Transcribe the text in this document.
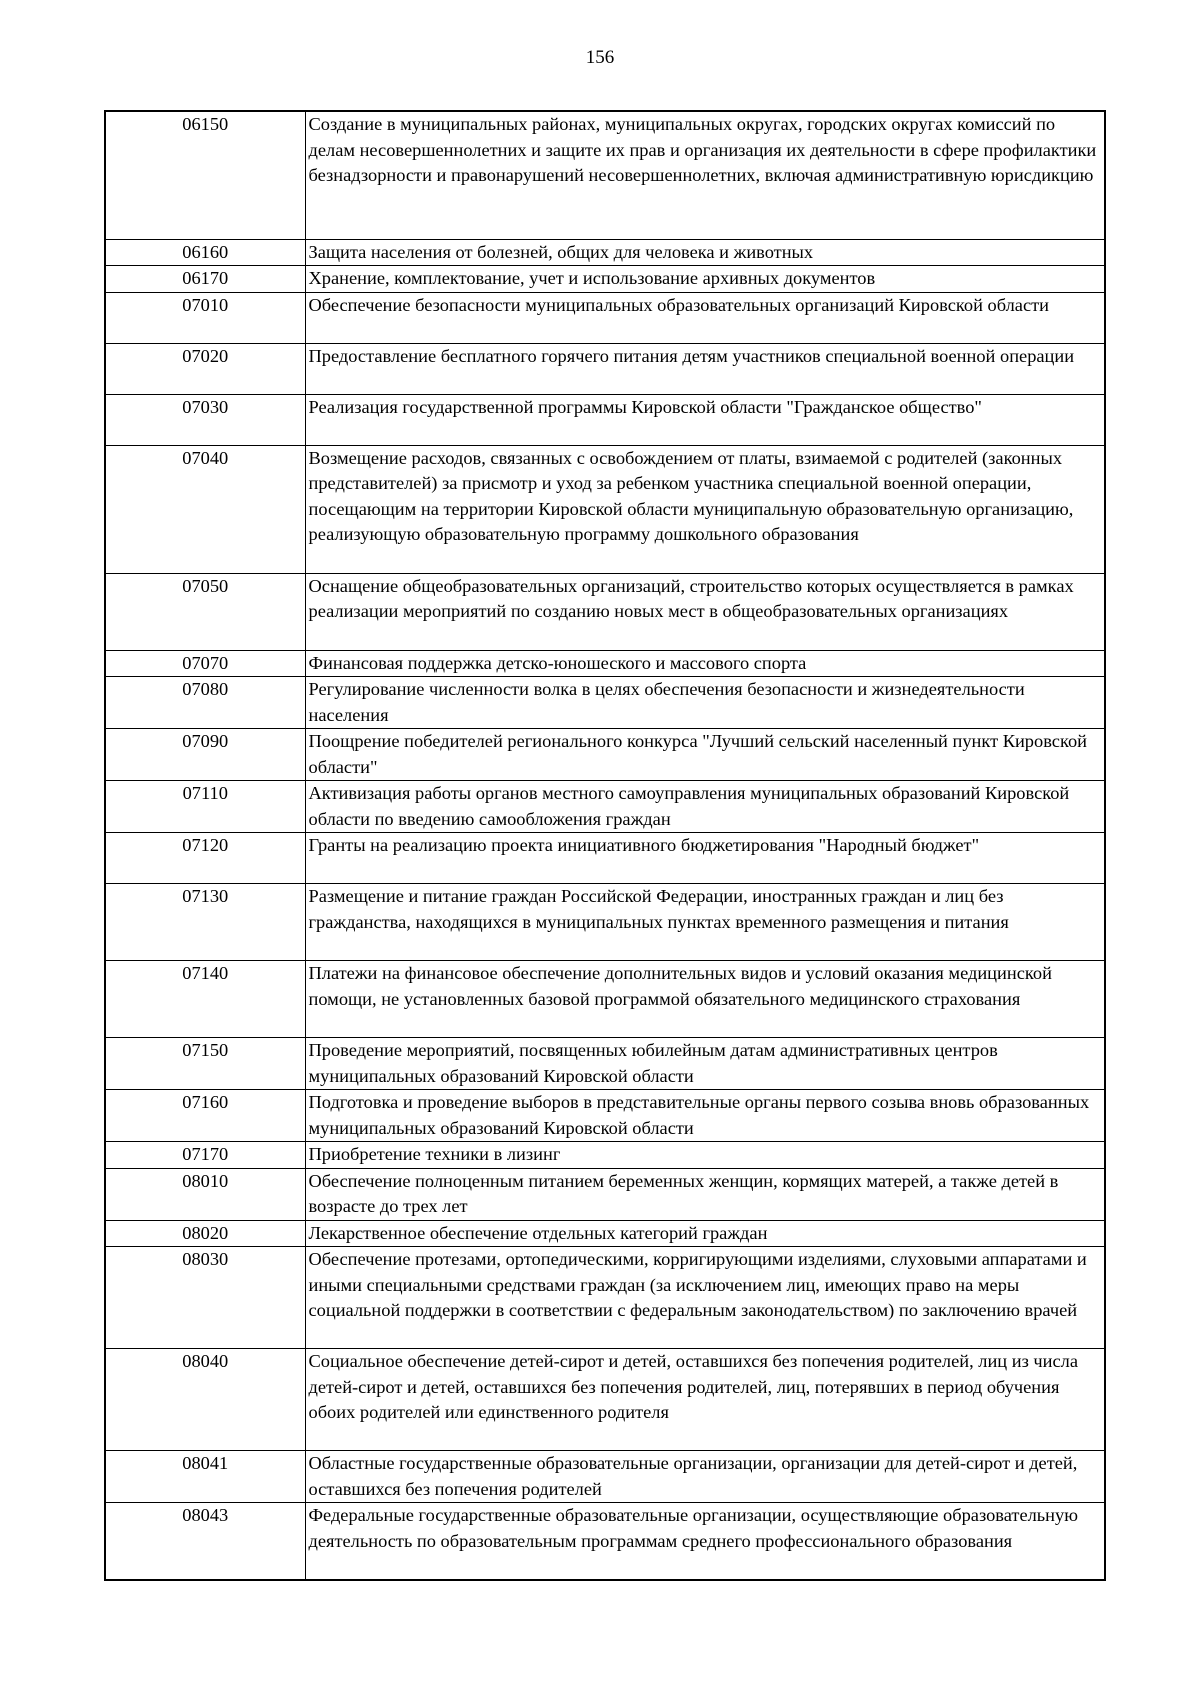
156
06150	Создание в муниципальных районах, муниципальных округах, городских округах комиссий по делам несовершеннолетних и защите их прав и организация их деятельности в сфере профилактики безнадзорности и правонарушений несовершеннолетних, включая административную юрисдикцию
06160	Защита населения от болезней, общих для человека и животных
06170	Хранение, комплектование, учет и использование архивных документов
07010	Обеспечение безопасности муниципальных образовательных организаций Кировской области
07020	Предоставление бесплатного горячего питания детям участников специальной военной операции
07030	Реализация государственной программы Кировской области "Гражданское общество"
07040	Возмещение расходов, связанных с освобождением от платы, взимаемой с родителей (законных представителей) за присмотр и уход за ребенком участника специальной военной операции, посещающим на территории Кировской области муниципальную образовательную организацию, реализующую образовательную программу дошкольного образования
07050	Оснащение общеобразовательных организаций, строительство которых осуществляется в рамках реализации мероприятий по созданию новых мест в общеобразовательных организациях
07070	Финансовая поддержка детско-юношеского и массового спорта
07080	Регулирование численности волка в целях обеспечения безопасности и жизнедеятельности населения
07090	Поощрение победителей регионального конкурса "Лучший сельский населенный пункт Кировской области"
07110	Активизация работы органов местного самоуправления муниципальных образований Кировской области по введению самообложения граждан
07120	Гранты на реализацию проекта инициативного бюджетирования "Народный бюджет"
07130	Размещение и питание граждан Российской Федерации, иностранных граждан и лиц без гражданства, находящихся в муниципальных пунктах временного размещения и питания
07140	Платежи на финансовое обеспечение дополнительных видов и условий оказания медицинской помощи, не установленных базовой программой обязательного медицинского страхования
07150	Проведение мероприятий, посвященных юбилейным датам административных центров муниципальных образований Кировской области
07160	Подготовка и проведение выборов в представительные органы первого созыва вновь образованных муниципальных образований Кировской области
07170	Приобретение техники в лизинг
08010	Обеспечение полноценным питанием беременных женщин, кормящих матерей, а также детей в возрасте до трех лет
08020	Лекарственное обеспечение отдельных категорий граждан
08030	Обеспечение протезами, ортопедическими, корригирующими изделиями, слуховыми аппаратами и иными специальными средствами граждан (за исключением лиц, имеющих право на меры социальной поддержки в соответствии с федеральным законодательством) по заключению врачей
08040	Социальное обеспечение детей-сирот и детей, оставшихся без попечения родителей, лиц из числа детей-сирот и детей, оставшихся без попечения родителей, лиц, потерявших в период обучения обоих родителей или единственного родителя
08041	Областные государственные образовательные организации, организации для детей-сирот и детей, оставшихся без попечения родителей
08043	Федеральные государственные образовательные организации, осуществляющие образовательную деятельность по образовательным программам среднего профессионального образования
